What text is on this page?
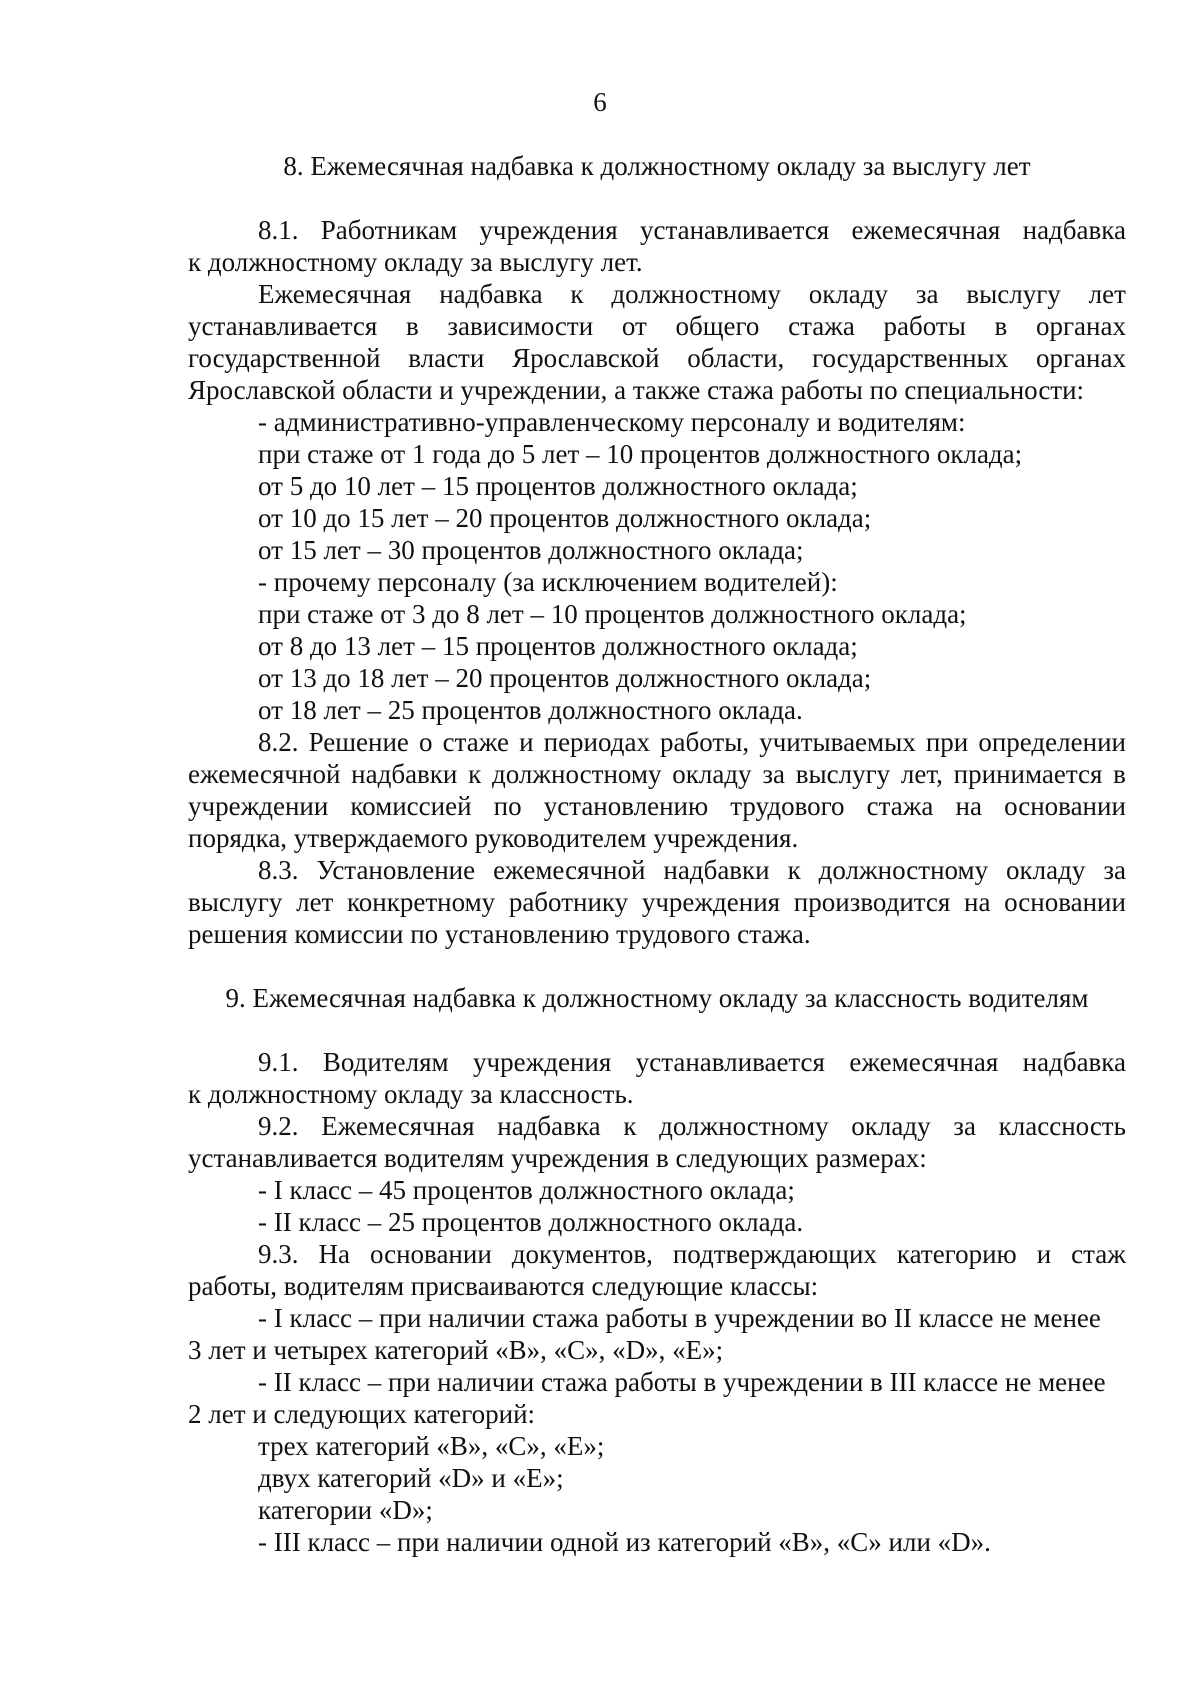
6
8. Ежемесячная надбавка к должностному окладу за выслугу лет
8.1. Работникам учреждения устанавливается ежемесячная надбавка
к должностному окладу за выслугу лет.
Ежемесячная надбавка к должностному окладу за выслугу лет
устанавливается в зависимости от общего стажа работы в органах
государственной власти Ярославской области, государственных органах
Ярославской области и учреждении, а также стажа работы по специальности:
- административно-управленческому персоналу и водителям:
при стаже от 1 года до 5 лет – 10 процентов должностного оклада;
от 5 до 10 лет – 15 процентов должностного оклада;
от 10 до 15 лет – 20 процентов должностного оклада;
от 15 лет – 30 процентов должностного оклада;
- прочему персоналу (за исключением водителей):
при стаже от 3 до 8 лет – 10 процентов должностного оклада;
от 8 до 13 лет – 15 процентов должностного оклада;
от 13 до 18 лет – 20 процентов должностного оклада;
от 18 лет – 25 процентов должностного оклада.
8.2. Решение о стаже и периодах работы, учитываемых при определении
ежемесячной надбавки к должностному окладу за выслугу лет, принимается в
учреждении комиссией по установлению трудового стажа на основании
порядка, утверждаемого руководителем учреждения.
8.3. Установление ежемесячной надбавки к должностному окладу за
выслугу лет конкретному работнику учреждения производится на основании
решения комиссии по установлению трудового стажа.
9. Ежемесячная надбавка к должностному окладу за классность водителям
9.1. Водителям учреждения устанавливается ежемесячная надбавка
к должностному окладу за классность.
9.2. Ежемесячная надбавка к должностному окладу за классность
устанавливается водителям учреждения в следующих размерах:
- I класс – 45 процентов должностного оклада;
- II класс – 25 процентов должностного оклада.
9.3. На основании документов, подтверждающих категорию и стаж
работы, водителям присваиваются следующие классы:
- I класс – при наличии стажа работы в учреждении во II классе не менее
3 лет и четырех категорий «B», «C», «D», «E»;
- II класс – при наличии стажа работы в учреждении в III классе не менее
2 лет и следующих категорий:
трех категорий «B», «C», «E»;
двух категорий «D» и «E»;
категории «D»;
- III класс – при наличии одной из категорий «B», «C» или «D».
